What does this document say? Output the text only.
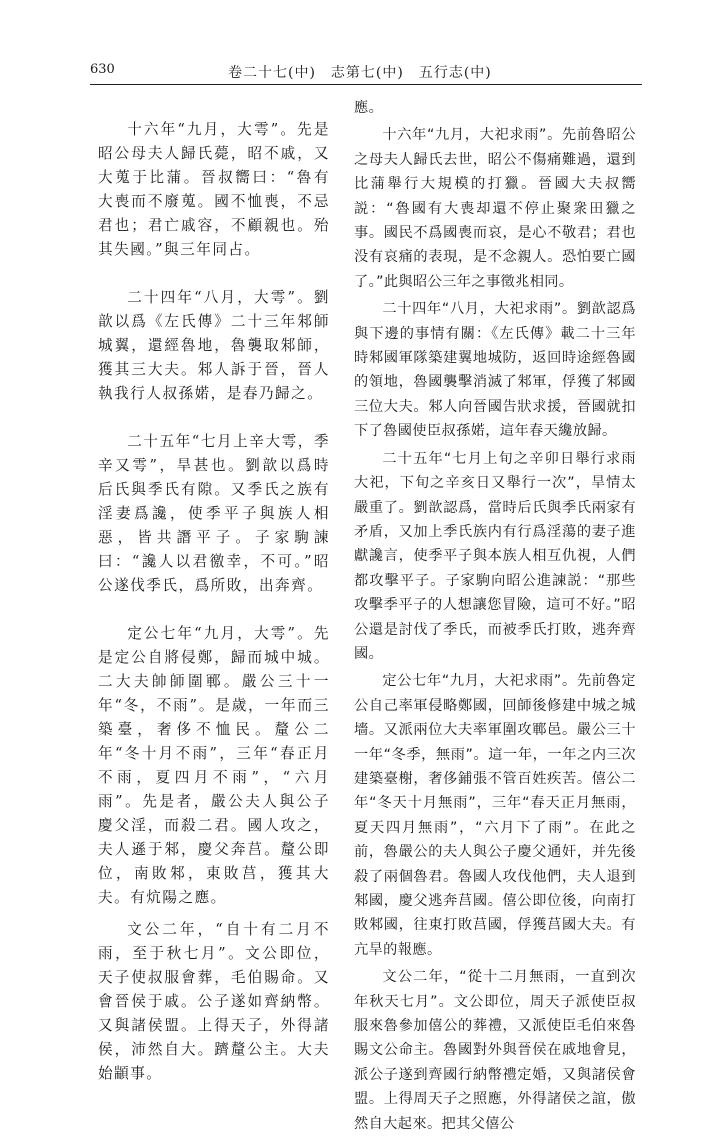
630	卷二十七(中)　志第七(中)　五行志(中)

十六年“九月，大雩”。先是昭公母夫人歸氏薨，昭不戚，又大蒐于比蒲。晉叔嚮曰：“魯有大喪而不廢蒐。國不恤喪，不忌君也；君亡戚容，不顧親也。殆其失國。”與三年同占。

二十四年“八月，大雩”。劉歆以爲《左氏傳》二十三年邾師城翼，還經魯地，魯襲取邾師，獲其三大夫。邾人訴于晉，晉人執我行人叔孫婼，是春乃歸之。

二十五年“七月上辛大雩，季辛又雩”，旱甚也。劉歆以爲時后氏與季氏有隙。又季氏之族有淫妻爲讒，使季平子與族人相惡，皆共譖平子。子家駒諫曰：“讒人以君徼幸，不可。”昭公遂伐季氏，爲所敗，出奔齊。

定公七年“九月，大雩”。先是定公自將侵鄭，歸而城中城。二大夫帥師圍鄆。嚴公三十一年“冬，不雨”。是歲，一年而三築臺，奢侈不恤民。釐公二年“冬十月不雨”，三年“春正月不雨，夏四月不雨”，“六月雨”。先是者，嚴公夫人與公子慶父淫，而殺二君。國人攻之，夫人遜于邾，慶父奔莒。釐公即位，南敗邾，東敗莒，獲其大夫。有炕陽之應。

文公二年，“自十有二月不雨，至于秋七月”。文公即位，天子使叔服會葬，毛伯賜命。又會晉侯于戚。公子遂如齊納幣。又與諸侯盟。上得天子，外得諸侯，沛然自大。躋釐公主。大夫始顓事。

應。

十六年“九月，大祀求雨”。先前魯昭公之母夫人歸氏去世，昭公不傷痛難過，還到比蒲舉行大規模的打獵。晉國大夫叔嚮説：“魯國有大喪却還不停止聚衆田獵之事。國民不爲國喪而哀，是心不敬君；君也没有哀痛的表現，是不念親人。恐怕要亡國了。”此與昭公三年之事徵兆相同。

二十四年“八月，大祀求雨”。劉歆認爲與下邊的事情有關：《左氏傳》載二十三年時邾國軍隊築建翼地城防，返回時途經魯國的領地，魯國襲擊消滅了邾軍，俘獲了邾國三位大夫。邾人向晉國告狀求援，晉國就扣下了魯國使臣叔孫婼，這年春天纔放歸。

二十五年“七月上旬之辛卯日舉行求雨大祀，下旬之辛亥日又舉行一次”，旱情太嚴重了。劉歆認爲，當時后氏與季氏兩家有矛盾，又加上季氏族内有行爲淫蕩的妻子進獻讒言，使季平子與本族人相互仇視，人們都攻擊平子。子家駒向昭公進諫説：“那些攻擊季平子的人想讓您冒險，這可不好。”昭公還是討伐了季氏，而被季氏打敗，逃奔齊國。

定公七年“九月，大祀求雨”。先前魯定公自己率軍侵略鄭國，回師後修建中城之城墻。又派兩位大夫率軍圍攻鄆邑。嚴公三十一年“冬季，無雨”。這一年，一年之内三次建築臺榭，奢侈鋪張不管百姓疾苦。僖公二年“冬天十月無雨”，三年“春天正月無雨，夏天四月無雨”，“六月下了雨”。在此之前，魯嚴公的夫人與公子慶父通奸，并先後殺了兩個魯君。魯國人攻伐他們，夫人退到邾國，慶父逃奔莒國。僖公即位後，向南打敗邾國，往東打敗莒國，俘獲莒國大夫。有亢旱的報應。

文公二年，“從十二月無雨，一直到次年秋天七月”。文公即位，周天子派使臣叔服來魯參加僖公的葬禮，又派使臣毛伯來魯賜文公命主。魯國對外與晉侯在戚地會見，派公子遂到齊國行納幣禮定婚，又與諸侯會盟。上得周天子之照應，外得諸侯之誼，傲然自大起來。把其父僖公
